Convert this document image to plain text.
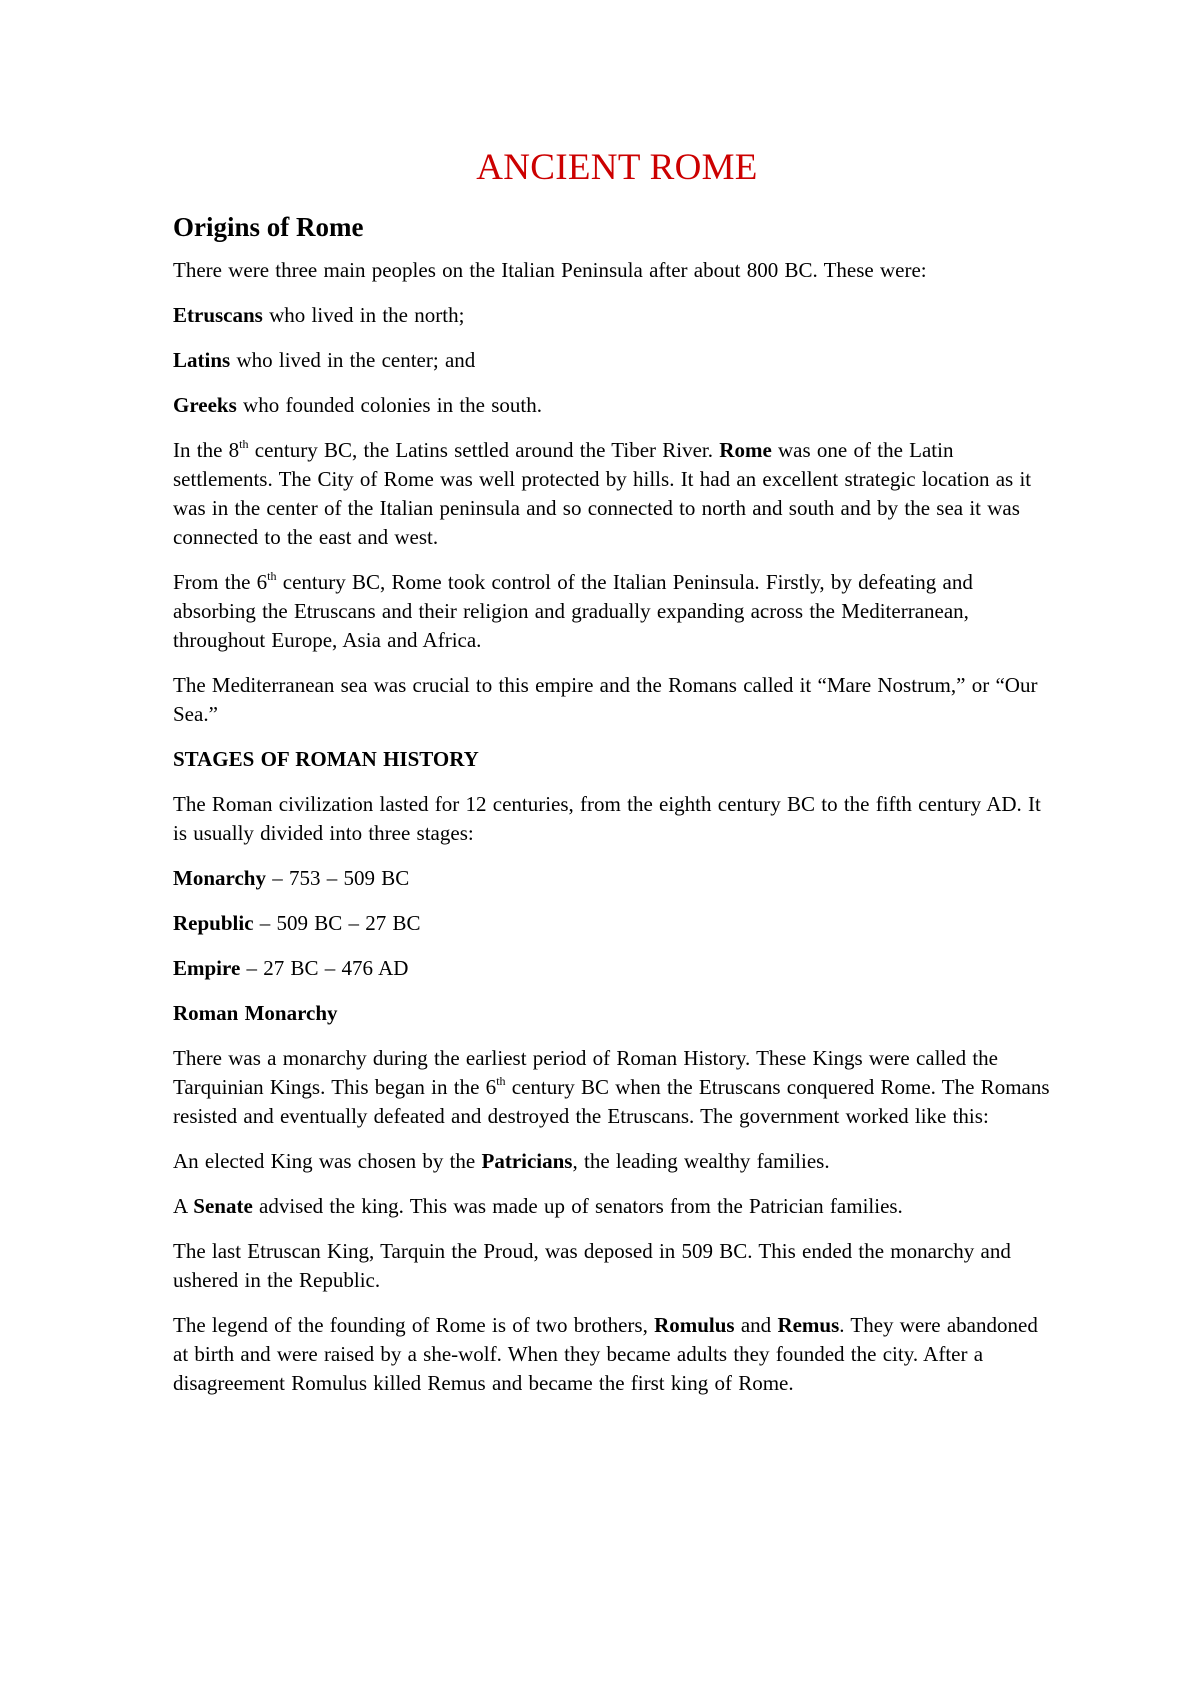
ANCIENT ROME
Origins of Rome

There were three main peoples on the Italian Peninsula after about 800 BC. These were:

Etruscans who lived in the north;

Latins who lived in the center; and

Greeks who founded colonies in the south.

In the 8th century BC, the Latins settled around the Tiber River. Rome was one of the Latin settlements. The City of Rome was well protected by hills. It had an excellent strategic location as it was in the center of the Italian peninsula and so connected to north and south and by the sea it was connected to the east and west.

From the 6th century BC, Rome took control of the Italian Peninsula. Firstly, by defeating and absorbing the Etruscans and their religion and gradually expanding across the Mediterranean, throughout Europe, Asia and Africa.

The Mediterranean sea was crucial to this empire and the Romans called it “Mare Nostrum,” or “Our Sea.”

STAGES OF ROMAN HISTORY

The Roman civilization lasted for 12 centuries, from the eighth century BC to the fifth century AD. It is usually divided into three stages:

Monarchy – 753 – 509 BC

Republic – 509 BC – 27 BC

Empire – 27 BC – 476 AD

Roman Monarchy

There was a monarchy during the earliest period of Roman History. These Kings were called the Tarquinian Kings. This began in the 6th century BC when the Etruscans conquered Rome. The Romans resisted and eventually defeated and destroyed the Etruscans. The government worked like this:

An elected King was chosen by the Patricians, the leading wealthy families.

A Senate advised the king. This was made up of senators from the Patrician families.

The last Etruscan King, Tarquin the Proud, was deposed in 509 BC. This ended the monarchy and ushered in the Republic.

The legend of the founding of Rome is of two brothers, Romulus and Remus. They were abandoned at birth and were raised by a she-wolf. When they became adults they founded the city. After a disagreement Romulus killed Remus and became the first king of Rome.
